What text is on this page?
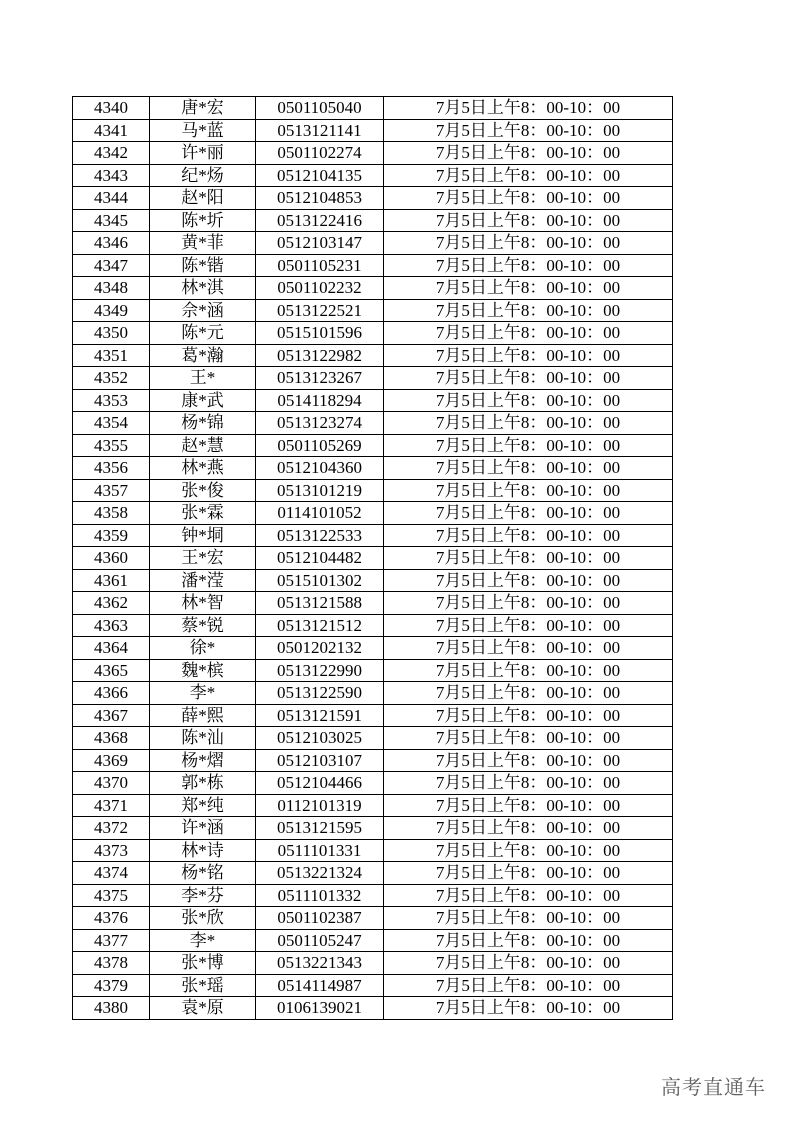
4340	唐*宏	0501105040	7月5日上午8：00-10：00
4341	马*蓝	0513121141	7月5日上午8：00-10：00
4342	许*丽	0501102274	7月5日上午8：00-10：00
4343	纪*炀	0512104135	7月5日上午8：00-10：00
4344	赵*阳	0512104853	7月5日上午8：00-10：00
4345	陈*圻	0513122416	7月5日上午8：00-10：00
4346	黄*菲	0512103147	7月5日上午8：00-10：00
4347	陈*锴	0501105231	7月5日上午8：00-10：00
4348	林*淇	0501102232	7月5日上午8：00-10：00
4349	佘*涵	0513122521	7月5日上午8：00-10：00
4350	陈*元	0515101596	7月5日上午8：00-10：00
4351	葛*瀚	0513122982	7月5日上午8：00-10：00
4352	王*	0513123267	7月5日上午8：00-10：00
4353	康*武	0514118294	7月5日上午8：00-10：00
4354	杨*锦	0513123274	7月5日上午8：00-10：00
4355	赵*慧	0501105269	7月5日上午8：00-10：00
4356	林*燕	0512104360	7月5日上午8：00-10：00
4357	张*俊	0513101219	7月5日上午8：00-10：00
4358	张*霖	0114101052	7月5日上午8：00-10：00
4359	钟*垌	0513122533	7月5日上午8：00-10：00
4360	王*宏	0512104482	7月5日上午8：00-10：00
4361	潘*滢	0515101302	7月5日上午8：00-10：00
4362	林*智	0513121588	7月5日上午8：00-10：00
4363	蔡*锐	0513121512	7月5日上午8：00-10：00
4364	徐*	0501202132	7月5日上午8：00-10：00
4365	魏*槟	0513122990	7月5日上午8：00-10：00
4366	李*	0513122590	7月5日上午8：00-10：00
4367	薛*熙	0513121591	7月5日上午8：00-10：00
4368	陈*汕	0512103025	7月5日上午8：00-10：00
4369	杨*熠	0512103107	7月5日上午8：00-10：00
4370	郭*栋	0512104466	7月5日上午8：00-10：00
4371	郑*纯	0112101319	7月5日上午8：00-10：00
4372	许*涵	0513121595	7月5日上午8：00-10：00
4373	林*诗	0511101331	7月5日上午8：00-10：00
4374	杨*铭	0513221324	7月5日上午8：00-10：00
4375	李*芬	0511101332	7月5日上午8：00-10：00
4376	张*欣	0501102387	7月5日上午8：00-10：00
4377	李*	0501105247	7月5日上午8：00-10：00
4378	张*博	0513221343	7月5日上午8：00-10：00
4379	张*瑶	0514114987	7月5日上午8：00-10：00
4380	袁*原	0106139021	7月5日上午8：00-10：00
高考直通车
